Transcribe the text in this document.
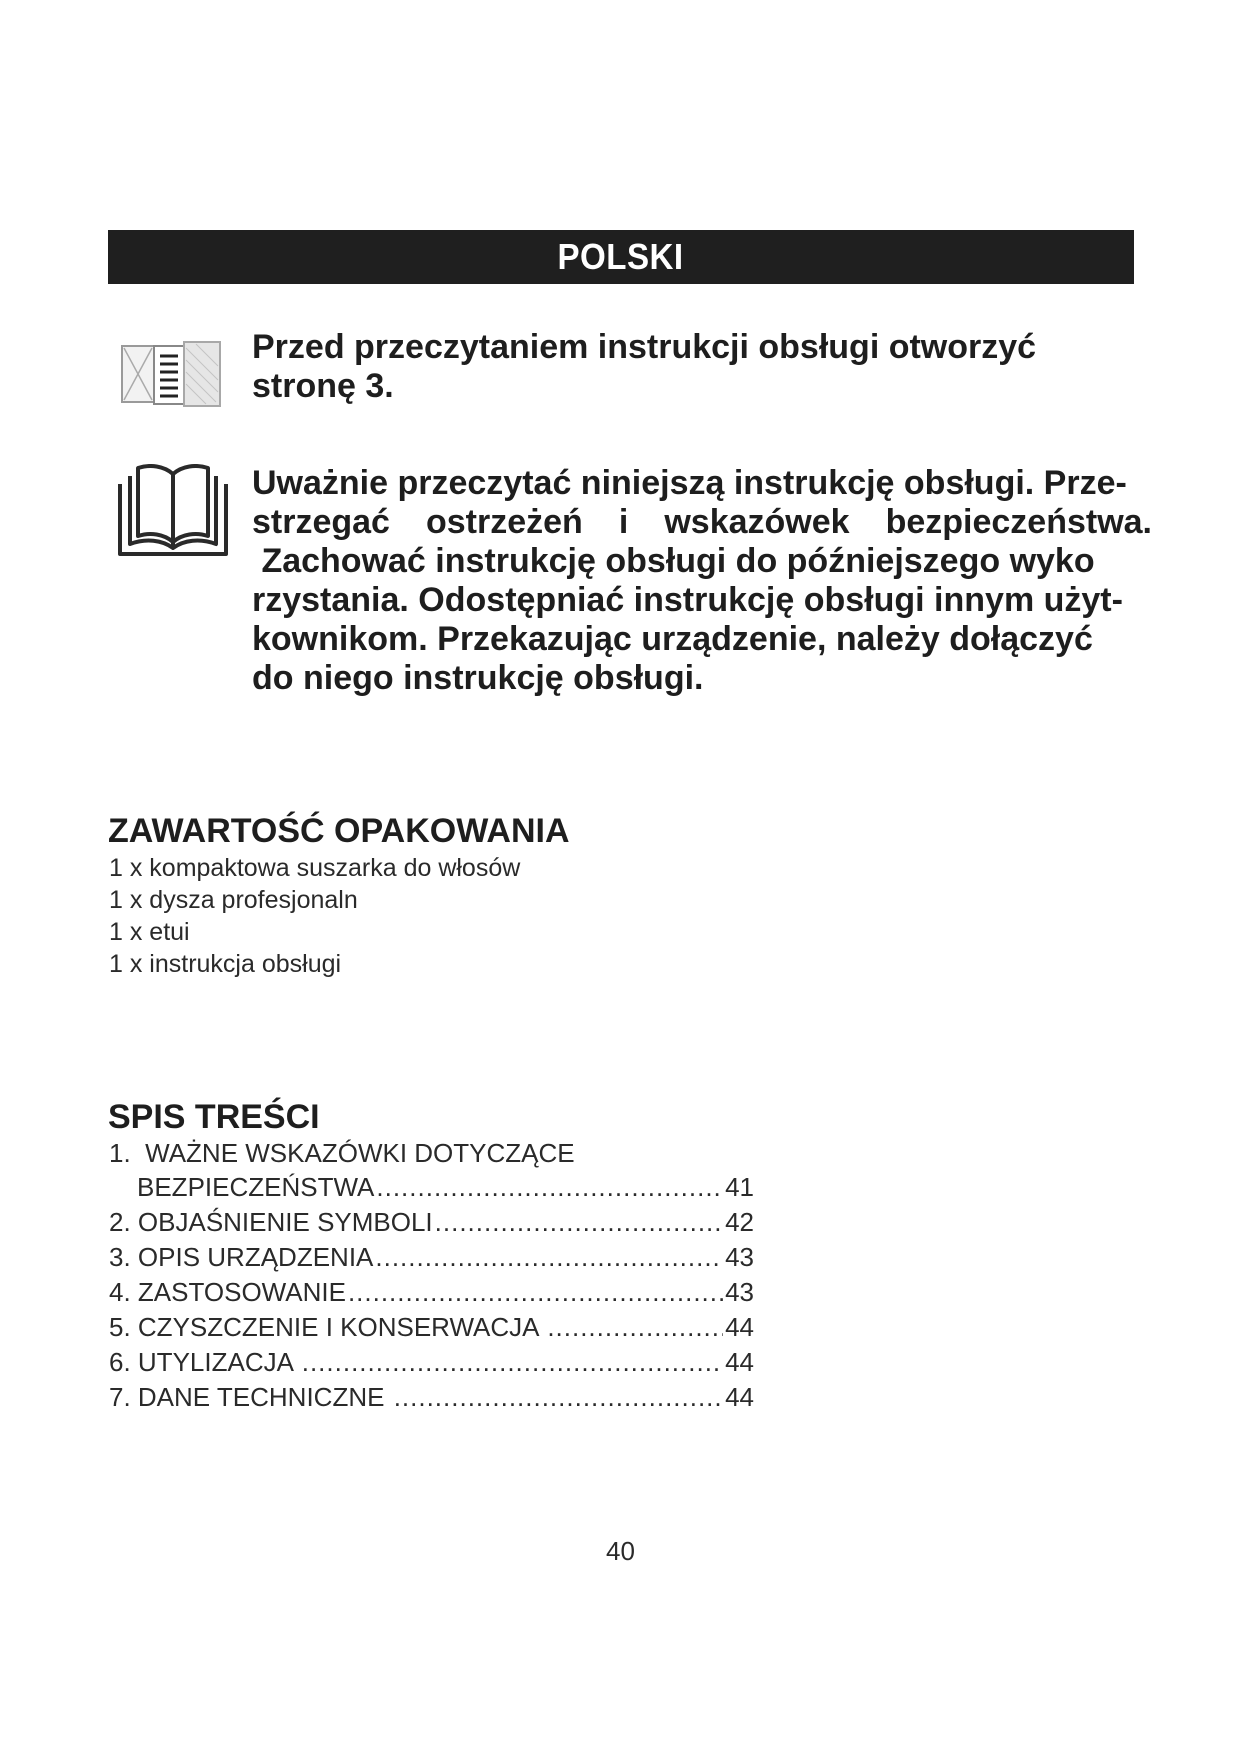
POLSKI

Przed przeczytaniem instrukcji obsługi otworzyć stronę 3.

Uważnie przeczytać niniejszą instrukcję obsługi. Prze-
strzegać ostrzeżeń i wskazówek bezpieczeństwa.
Zachować instrukcję obsługi do późniejszego wyko
rzystania. Odostępniać instrukcję obsługi innym użyt-
kownikom. Przekazując urządzenie, należy dołączyć
do niego instrukcję obsługi.
ZAWARTOŚĆ OPAKOWANIA
1 x kompaktowa suszarka do włosów
1 x dysza profesjonaln
1 x etui
1 x instrukcja obsługi
SPIS TREŚCI
1.  WAŻNE WSKAZÓWKI DOTYCZĄCE
BEZPIECZEŃSTWA .....	41
2. OBJAŚNIENIE SYMBOLI .....	42
3. OPIS URZĄDZENIA .....	43
4. ZASTOSOWANIE .....	43
5. CZYSZCZENIE I KONSERWACJA .....	44
6. UTYLIZACJA .....	44
7. DANE TECHNICZNE .....	44
40
